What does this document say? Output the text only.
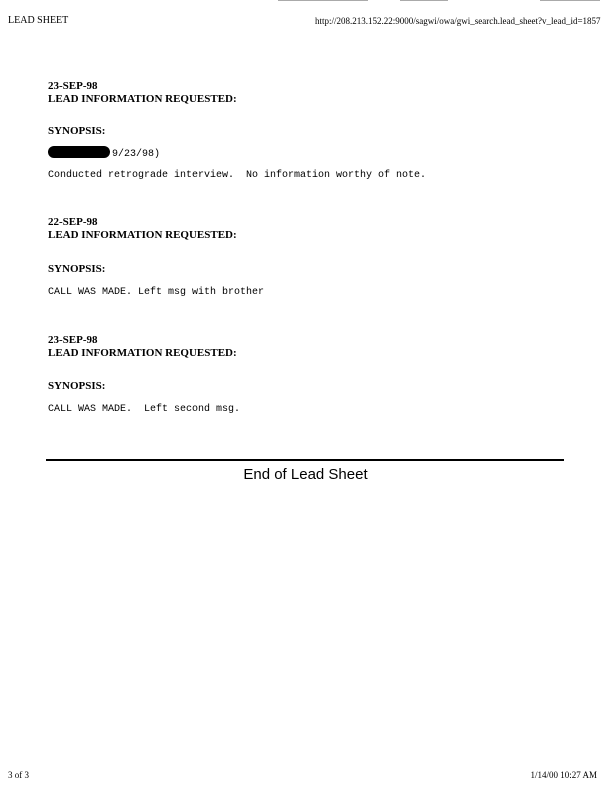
LEAD SHEET	http://208.213.152.22:9000/sagwi/owa/gwi_search.lead_sheet?v_lead_id=1857
23-SEP-98
LEAD INFORMATION REQUESTED:
SYNOPSIS:
9/23/98)
Conducted retrograde interview.  No information worthy of note.
22-SEP-98
LEAD INFORMATION REQUESTED:
SYNOPSIS:
CALL WAS MADE. Left msg with brother
23-SEP-98
LEAD INFORMATION REQUESTED:
SYNOPSIS:
CALL WAS MADE.  Left second msg.
End of Lead Sheet
3 of 3	1/14/00 10:27 AM
